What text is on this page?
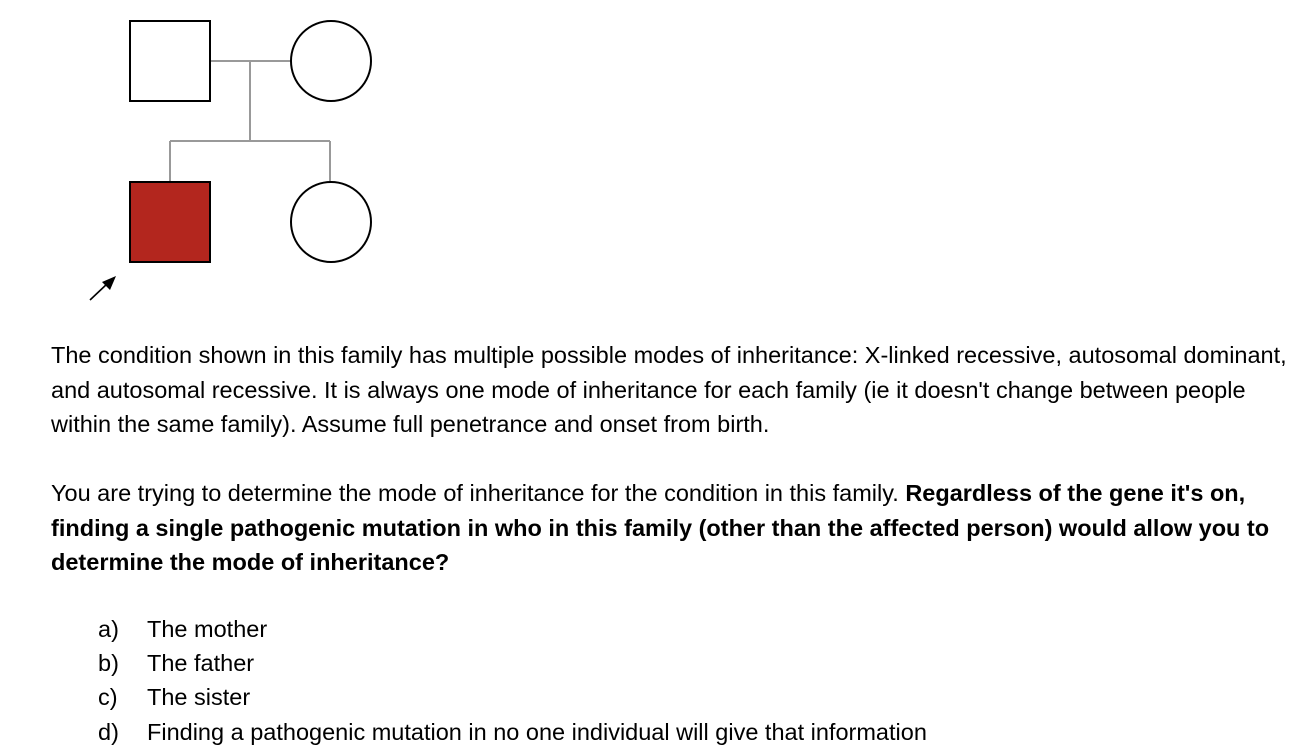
The condition shown in this family has multiple possible modes of inheritance: X-linked recessive, autosomal dominant, and autosomal recessive. It is always one mode of inheritance for each family (ie it doesn't change between people within the same family). Assume full penetrance and onset from birth.
You are trying to determine the mode of inheritance for the condition in this family. Regardless of the gene it's on, finding a single pathogenic mutation in who in this family (other than the affected person) would allow you to determine the mode of inheritance?
a)	The mother
b)	The father
c)	The sister
d)	Finding a pathogenic mutation in no one individual will give that information
